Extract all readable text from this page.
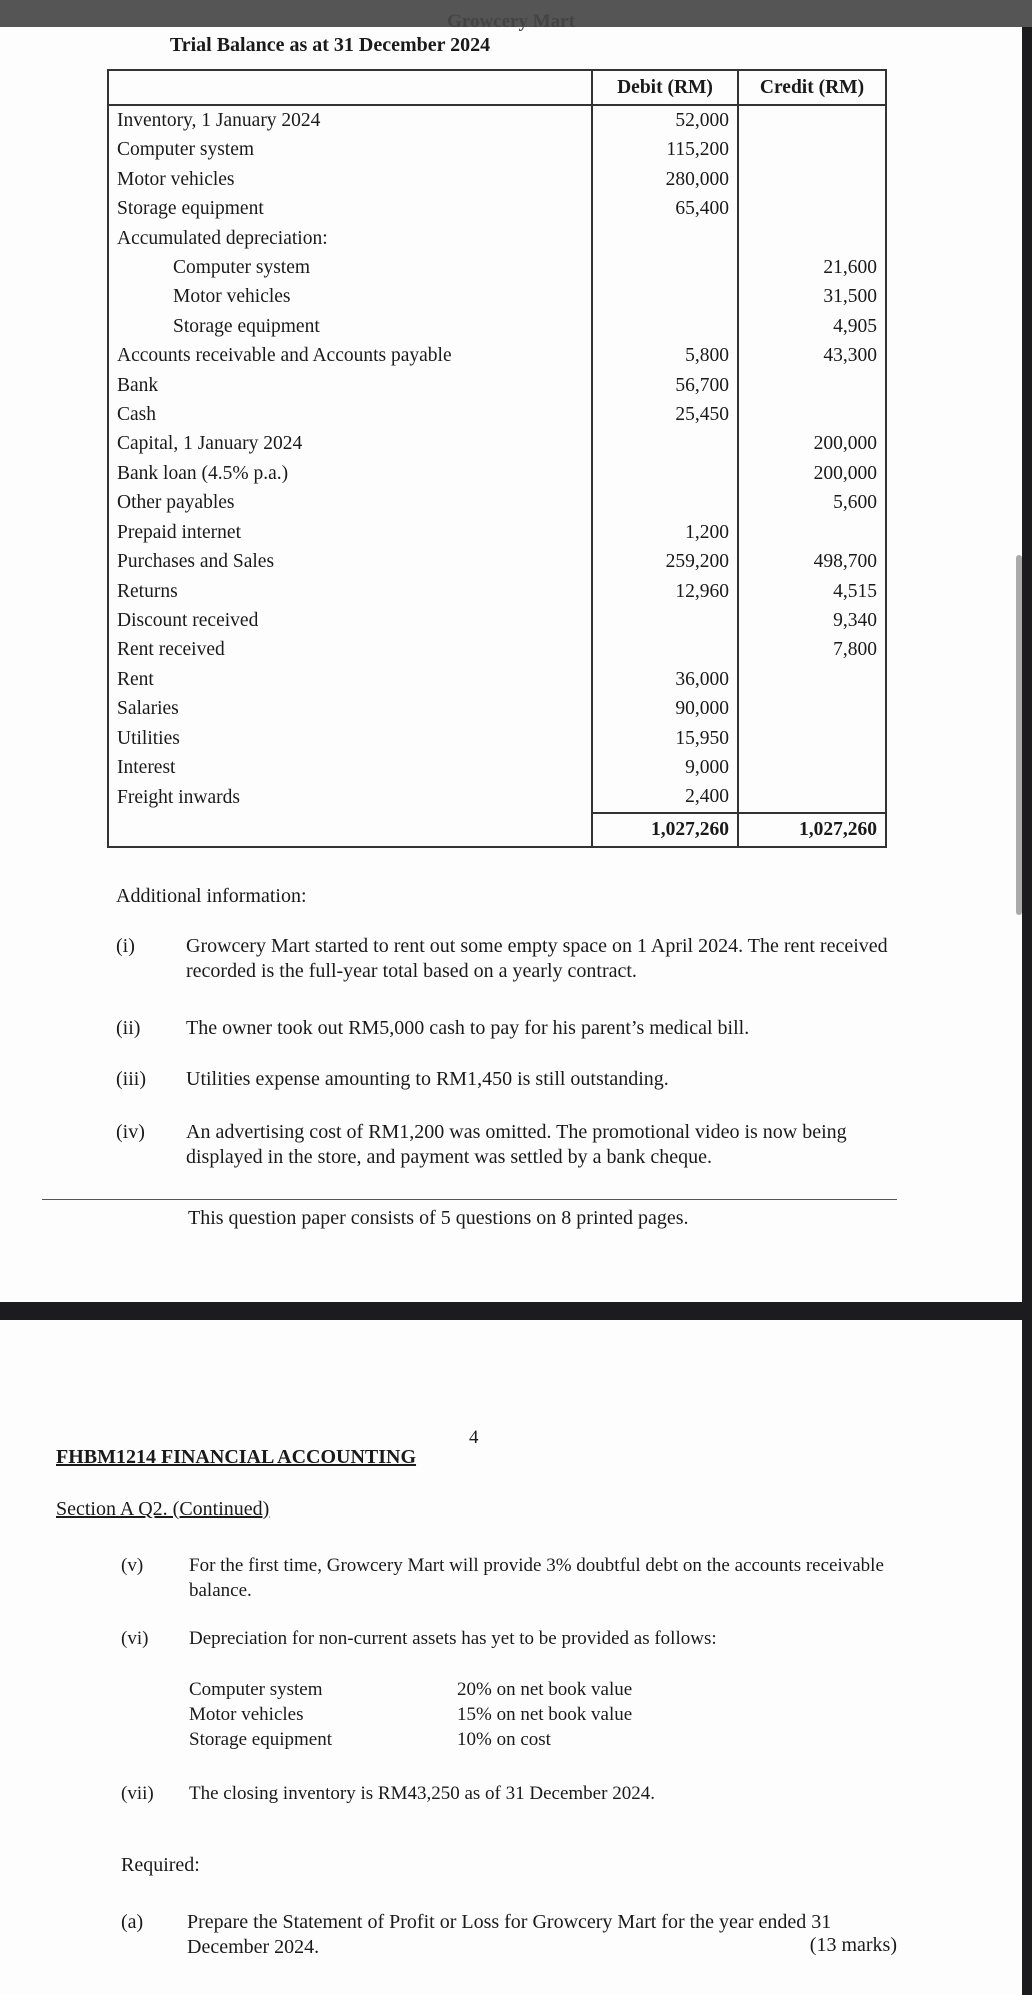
Growcery Mart
Trial Balance as at 31 December 2024
	Debit (RM)	Credit (RM)
Inventory, 1 January 2024	52,000	
Computer system	115,200	
Motor vehicles	280,000	
Storage equipment	65,400	
Accumulated depreciation:		
Computer system		21,600
Motor vehicles		31,500
Storage equipment		4,905
Accounts receivable and Accounts payable	5,800	43,300
Bank	56,700	
Cash	25,450	
Capital, 1 January 2024		200,000
Bank loan (4.5% p.a.)		200,000
Other payables		5,600
Prepaid internet	1,200	
Purchases and Sales	259,200	498,700
Returns	12,960	4,515
Discount received		9,340
Rent received		7,800
Rent	36,000	
Salaries	90,000	
Utilities	15,950	
Interest	9,000	
Freight inwards	2,400	
	1,027,260	1,027,260
Additional information:
(i)	Growcery Mart started to rent out some empty space on 1 April 2024. The rent received recorded is the full-year total based on a yearly contract.
(ii) The owner took out RM5,000 cash to pay for his parent’s medical bill.
(iii) Utilities expense amounting to RM1,450 is still outstanding.
(iv) An advertising cost of RM1,200 was omitted. The promotional video is now being displayed in the store, and payment was settled by a bank cheque.
This question paper consists of 5 questions on 8 printed pages.
4
FHBM1214 FINANCIAL ACCOUNTING
Section A Q2. (Continued)
(v) For the first time, Growcery Mart will provide 3% doubtful debt on the accounts receivable balance.
(vi) Depreciation for non-current assets has yet to be provided as follows:
Computer system	20% on net book value
Motor vehicles	15% on net book value
Storage equipment	10% on cost
(vii) The closing inventory is RM43,250 as of 31 December 2024.
Required:
(a) Prepare the Statement of Profit or Loss for Growcery Mart for the year ended 31 December 2024.	(13 marks)
